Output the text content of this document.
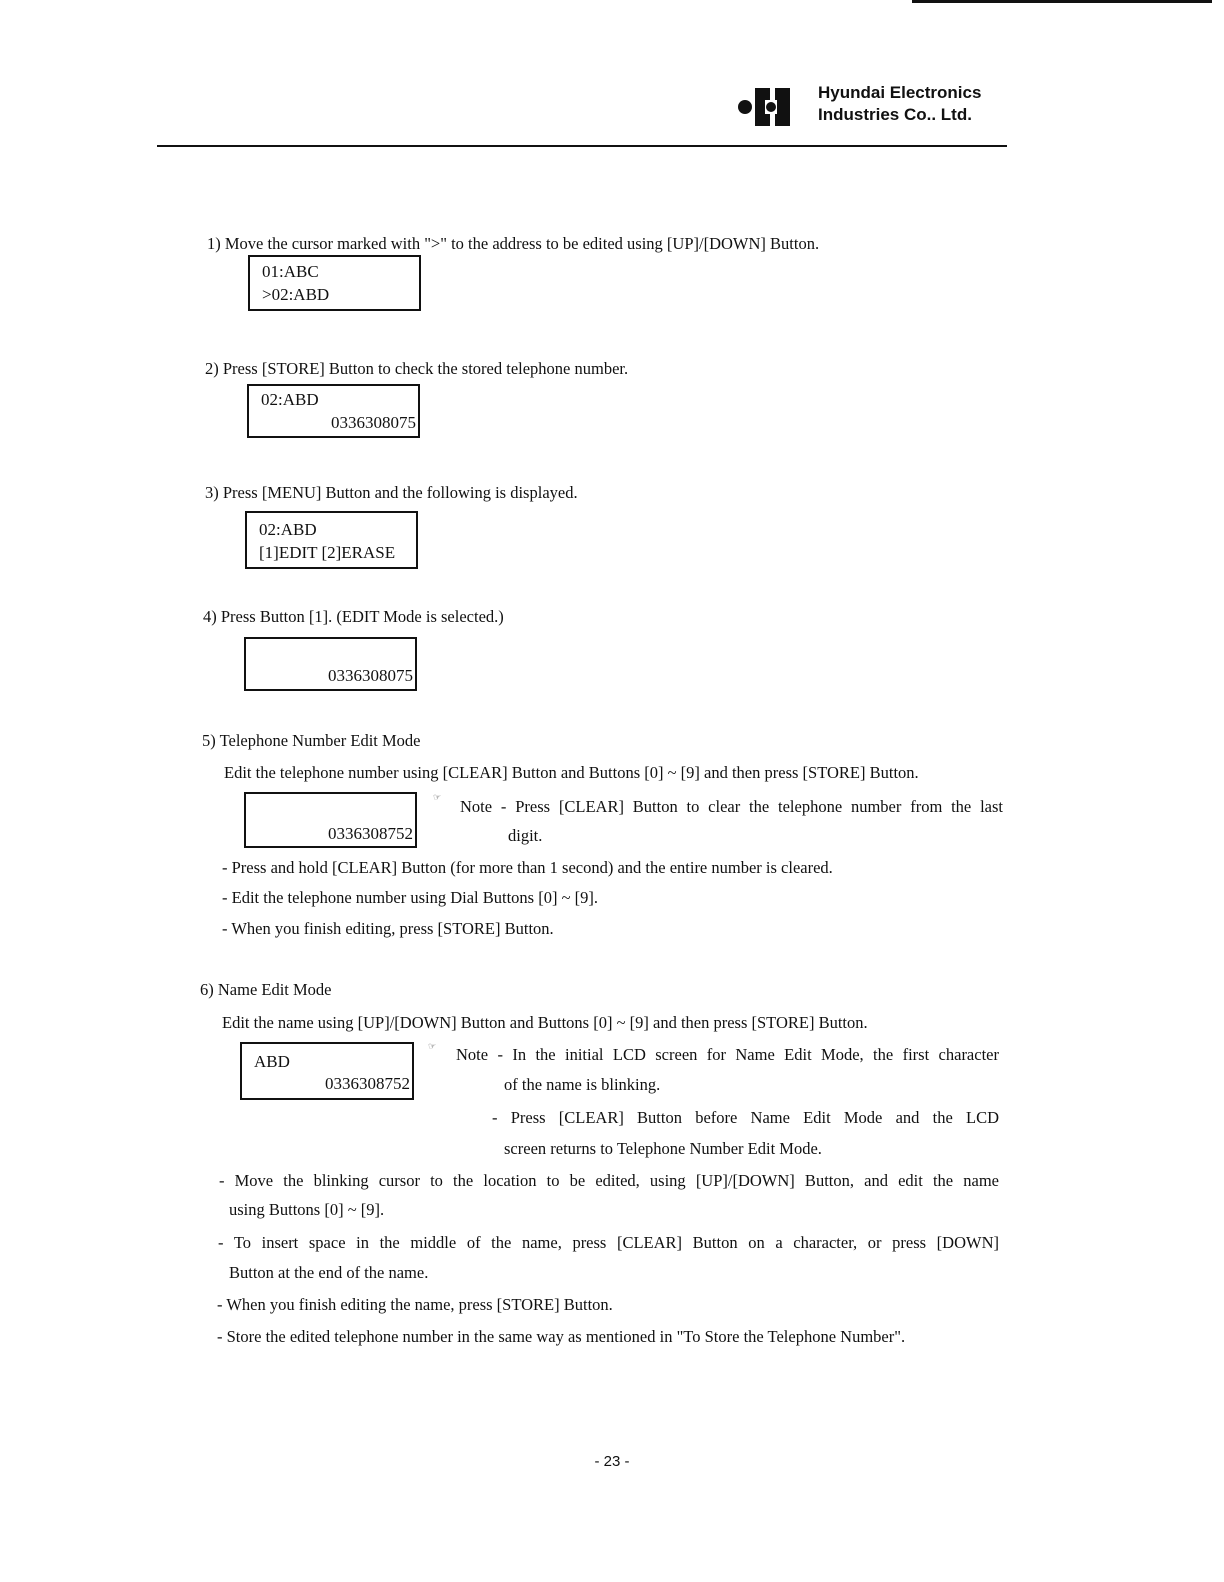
Hyundai Electronics
Industries Co.. Ltd.
1) Move the cursor marked with ">" to the address to be edited using [UP]/[DOWN] Button.
01:ABC
>02:ABD
2) Press [STORE] Button to check the stored telephone number.
02:ABD
0336308075
3) Press [MENU] Button and the following is displayed.
02:ABD
[1]EDIT [2]ERASE
4) Press Button [1]. (EDIT Mode is selected.)
0336308075
5) Telephone Number Edit Mode
Edit the telephone number using [CLEAR] Button and Buttons [0] ~ [9] and then press [STORE] Button.
0336308752
☞ Note - Press [CLEAR] Button to clear the telephone number from the last
digit.
- Press and hold [CLEAR] Button (for more than 1 second) and the entire number is cleared.
- Edit the telephone number using Dial Buttons [0] ~ [9].
- When you finish editing, press [STORE] Button.
6) Name Edit Mode
Edit the name using [UP]/[DOWN] Button and Buttons [0] ~ [9] and then press [STORE] Button.
ABD
0336308752
☞ Note - In the initial LCD screen for Name Edit Mode, the first character
of the name is blinking.
- Press [CLEAR] Button before Name Edit Mode and the LCD
screen returns to Telephone Number Edit Mode.
- Move the blinking cursor to the location to be edited, using [UP]/[DOWN] Button, and edit the name
using Buttons [0] ~ [9].
- To insert space in the middle of the name, press [CLEAR] Button on a character, or press [DOWN]
Button at the end of the name.
- When you finish editing the name, press [STORE] Button.
- Store the edited telephone number in the same way as mentioned in "To Store the Telephone Number".
- 23 -
